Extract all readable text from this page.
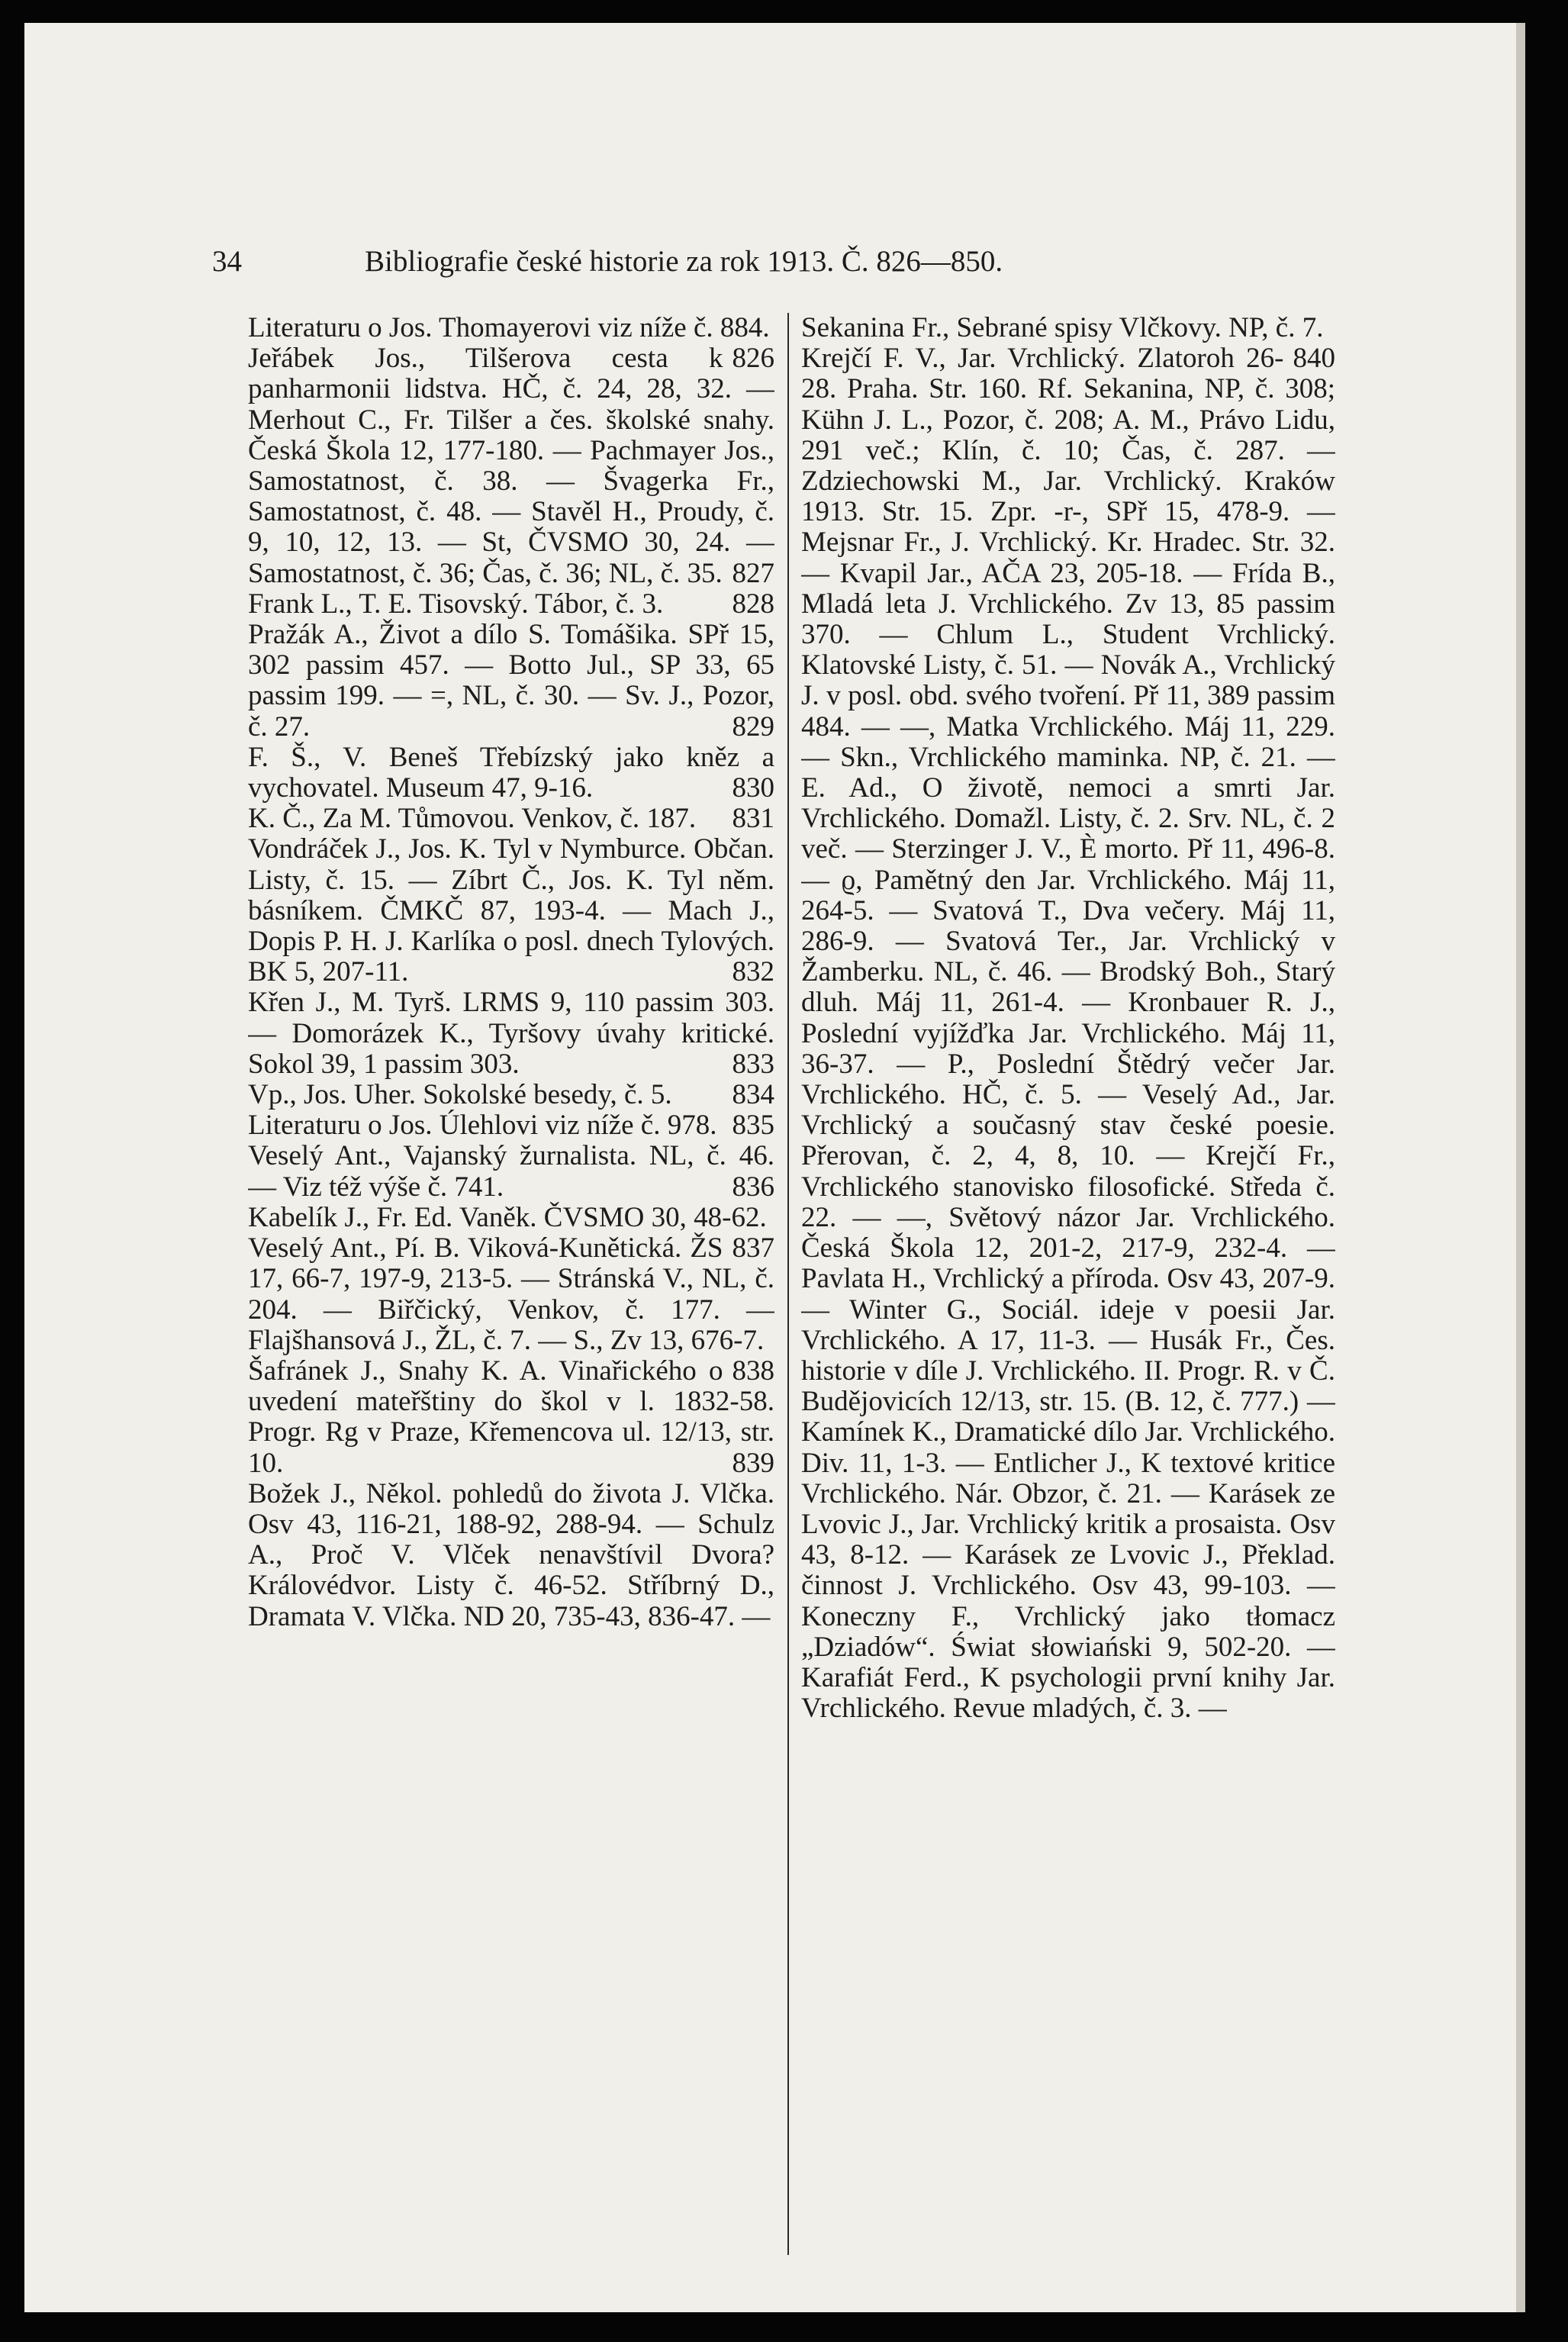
34	Bibliografie české historie za rok 1913. Č. 826—850.

Literaturu o Jos. Thomayerovi viz níže č. 884.
826

Jeřábek Jos., Tilšerova cesta k panharmonii lidstva. HČ, č. 24, 28, 32. — Merhout C., Fr. Tilšer a čes. školské snahy. Česká Škola 12, 177-180. — Pachmayer Jos., Samostatnost, č. 38. — Švagerka Fr., Samostatnost, č. 48. — Stavěl H., Proudy, č. 9, 10, 12, 13. — St, ČVSMO 30, 24. — Samostatnost, č. 36; Čas, č. 36; NL, č. 35. 827

Frank L., T. E. Tisovský. Tábor, č. 3. 828

Pražák A., Život a dílo S. Tomášika. SPř 15, 302 passim 457. — Botto Jul., SP 33, 65 passim 199. — =, NL, č. 30. — Sv. J., Pozor, č. 27.	829

F. Š., V. Beneš Třebízský jako kněz a vychovatel. Museum 47, 9-16.	830

K. Č., Za M. Tůmovou. Venkov, č. 187. 831

Vondráček J., Jos. K. Tyl v Nymburce. Občan. Listy, č. 15. — Zíbrt Č., Jos. K. Tyl něm. básníkem. ČMKČ 87, 193-4. — Mach J., Dopis P. H. J. Karlíka o posl. dnech Tylových. BK 5, 207-11.	832

Křen J., M. Tyrš. LRMS 9, 110 passim 303. — Domorázek K., Tyršovy úvahy kritické. Sokol 39, 1 passim 303.	833

Vp., Jos. Uher. Sokolské besedy, č. 5. 834

Literaturu o Jos. Úlehlovi viz níže č. 978. 835

Veselý Ant., Vajanský žurnalista. NL, č. 46. — Viz též výše č. 741.	836

Kabelík J., Fr. Ed. Vaněk. ČVSMO 30, 48-62.
837

Veselý Ant., Pí. B. Viková-Kunětická. ŽS 17, 66-7, 197-9, 213-5. — Stránská V., NL, č. 204. — Biřčický, Venkov, č. 177. — Flajšhansová J., ŽL, č. 7. — S., Zv 13, 676-7.
838

Šafránek J., Snahy K. A. Vinařického o uvedení mateřštiny do škol v l. 1832-58. Progr. Rg v Praze, Křemencova ul. 12/13, str. 10.	839

Božek J., Někol. pohledů do života J. Vlčka. Osv 43, 116-21, 188-92, 288-94. — Schulz A., Proč V. Vlček nenavštívil Dvora? Královédvor. Listy č. 46-52. Stříbrný D., Dramata V. Vlčka. ND 20, 735-43, 836-47. —

Sekanina Fr., Sebrané spisy Vlčkovy. NP, č. 7.
840

Krejčí F. V., Jar. Vrchlický. Zlatoroh 26-28. Praha. Str. 160. Rf. Sekanina, NP, č. 308; Kühn J. L., Pozor, č. 208; A. M., Právo Lidu, 291 več.; Klín, č. 10; Čas, č. 287. — Zdziechowski M., Jar. Vrchlický. Kraków 1913. Str. 15. Zpr. -r-, SPř 15, 478-9. — Mejsnar Fr., J. Vrchlický. Kr. Hradec. Str. 32. — Kvapil Jar., AČA 23, 205-18. — Frída B., Mladá leta J. Vrchlického. Zv 13, 85 passim 370. — Chlum L., Student Vrchlický. Klatovské Listy, č. 51. — Novák A., Vrchlický J. v posl. obd. svého tvoření. Př 11, 389 passim 484. — —, Matka Vrchlického. Máj 11, 229. — Skn., Vrchlického maminka. NP, č. 21. — E. Ad., O životě, nemoci a smrti Jar. Vrchlického. Domažl. Listy, č. 2. Srv. NL, č. 2 več. — Sterzinger J. V., È morto. Př 11, 496-8. — ϱ, Pamětný den Jar. Vrchlického. Máj 11, 264-5. — Svatová T., Dva večery. Máj 11, 286-9. — Svatová Ter., Jar. Vrchlický v Žamberku. NL, č. 46. — Brodský Boh., Starý dluh. Máj 11, 261-4. — Kronbauer R. J., Poslední vyjížďka Jar. Vrchlického. Máj 11, 36-37. — P., Poslední Štědrý večer Jar. Vrchlického. HČ, č. 5. — Veselý Ad., Jar. Vrchlický a současný stav české poesie. Přerovan, č. 2, 4, 8, 10. — Krejčí Fr., Vrchlického stanovisko filosofické. Středa č. 22. — —, Světový názor Jar. Vrchlického. Česká Škola 12, 201-2, 217-9, 232-4. — Pavlata H., Vrchlický a příroda. Osv 43, 207-9. — Winter G., Sociál. ideje v poesii Jar. Vrchlického. A 17, 11-3. — Husák Fr., Čes. historie v díle J. Vrchlického. II. Progr. R. v Č. Budějovicích 12/13, str. 15. (B. 12, č. 777.) — Kamínek K., Dramatické dílo Jar. Vrchlického. Div. 11, 1-3. — Entlicher J., K textové kritice Vrchlického. Nár. Obzor, č. 21. — Karásek ze Lvovic J., Jar. Vrchlický kritik a prosaista. Osv 43, 8-12. — Karásek ze Lvovic J., Překlad. činnost J. Vrchlického. Osv 43, 99-103. — Koneczny F., Vrchlický jako tłomacz „Dziadów“. Świat słowiański 9, 502-20. — Karafiát Ferd., K psychologii první knihy Jar. Vrchlického. Revue mladých, č. 3. —
